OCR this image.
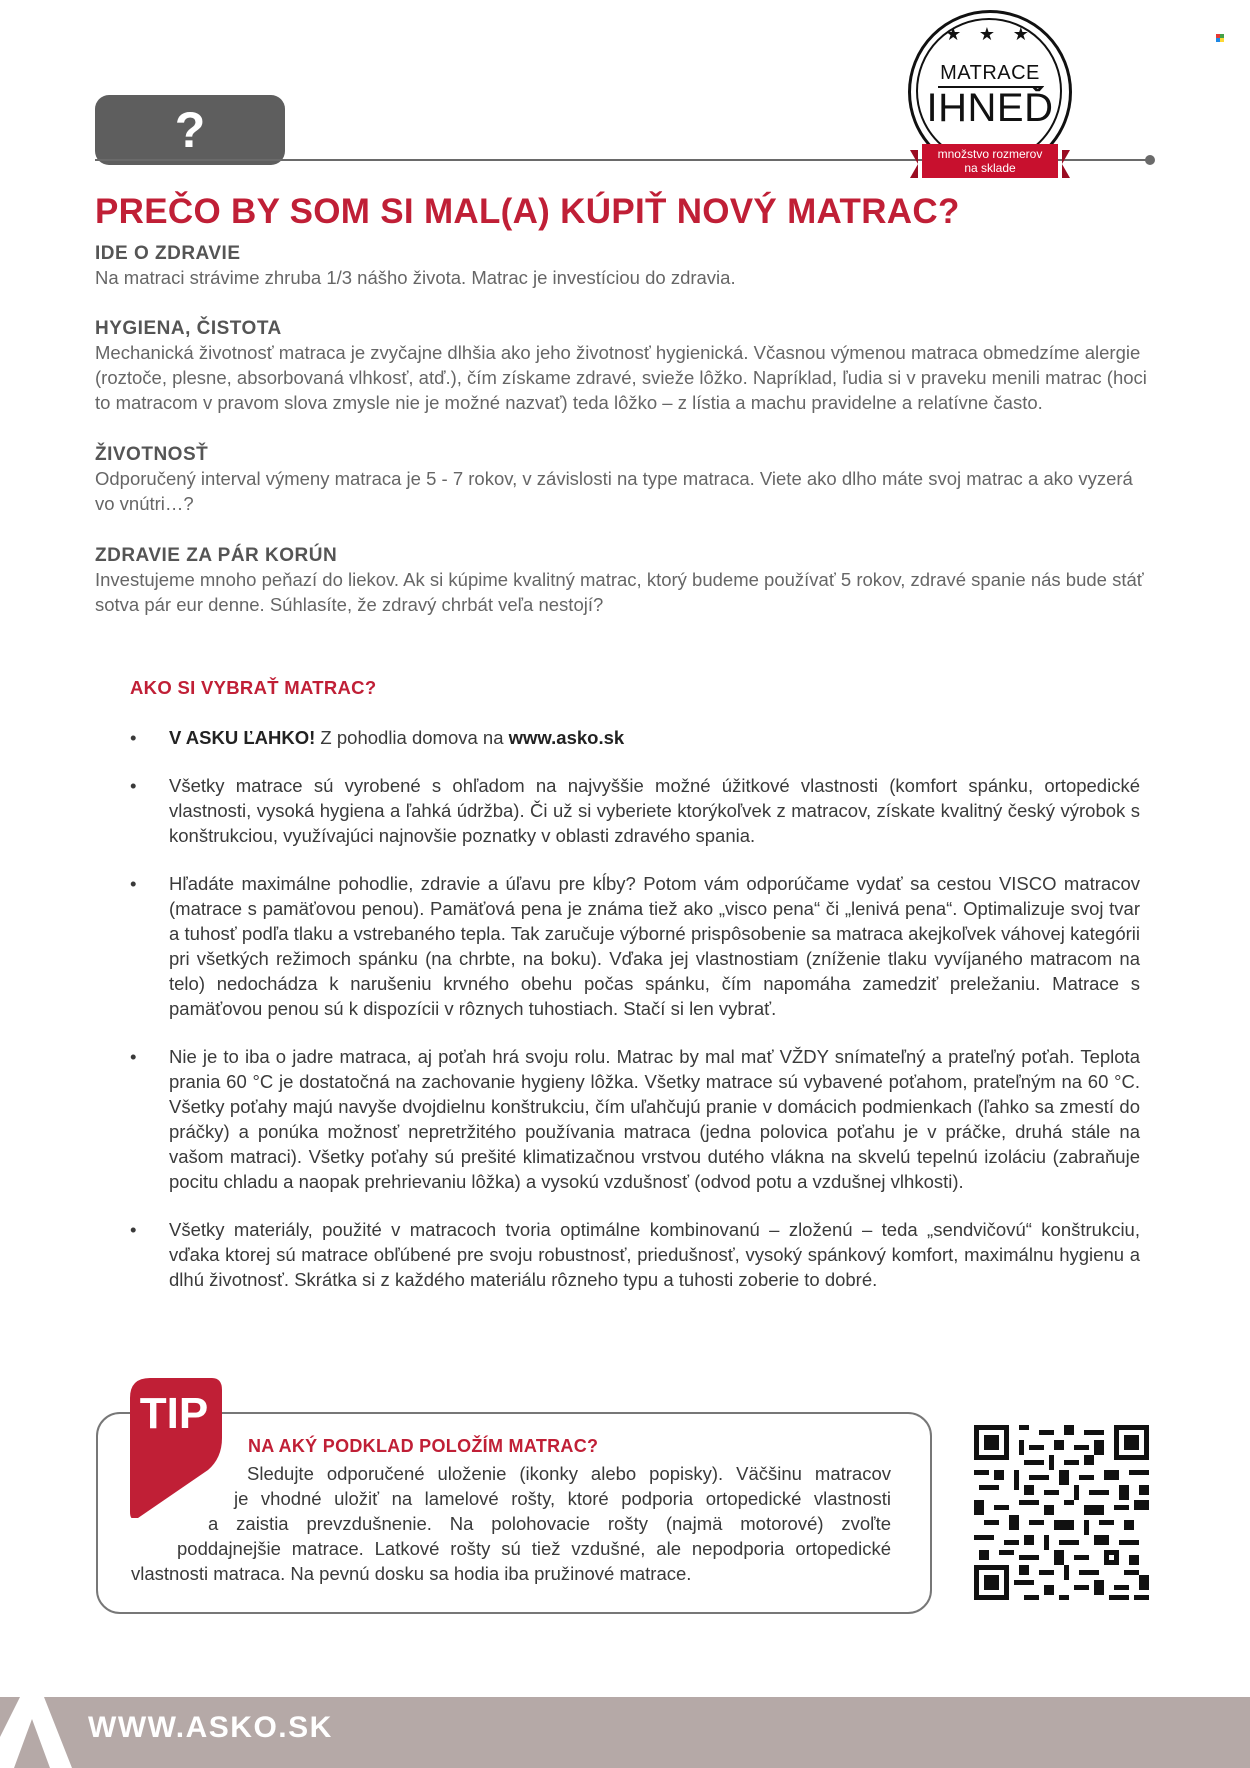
?
★ ★ ★
MATRACE
IHNEĎ
množstvo rozmerov
na sklade
PREČO BY SOM SI MAL(A) KÚPIŤ NOVÝ MATRAC?
IDE O ZDRAVIE

Na matraci strávime zhruba 1/3 nášho života. Matrac je investíciou do zdravia.

HYGIENA, ČISTOTA

Mechanická životnosť matraca je zvyčajne dlhšia ako jeho životnosť hygienická. Včasnou výmenou matraca obmedzíme alergie (roztoče, plesne, absorbovaná vlhkosť, atď.), čím získame zdravé, svieže lôžko. Napríklad, ľudia si v praveku menili matrac (hoci to matracom v pravom slova zmysle nie je možné nazvať) teda lôžko – z lístia a machu pravidelne a relatívne často.

ŽIVOTNOSŤ

Odporučený interval výmeny matraca je 5 - 7 rokov, v závislosti na type matraca. Viete ako dlho máte svoj matrac a ako vyzerá vo vnútri…?

ZDRAVIE ZA PÁR KORÚN

Investujeme mnoho peňazí do liekov. Ak si kúpime kvalitný matrac, ktorý budeme používať 5 rokov, zdravé spanie nás bude stáť sotva pár eur denne. Súhlasíte, že zdravý chrbát veľa nestojí?

AKO SI VYBRAŤ MATRAC?
• V ASKU ĽAHKO! Z pohodlia domova na www.asko.sk
• Všetky matrace sú vyrobené s ohľadom na najvyššie možné úžitkové vlastnosti (komfort spánku, ortopedické vlastnosti, vysoká hygiena a ľahká údržba). Či už si vyberiete ktorýkoľvek z matracov, získate kvalitný český výrobok s konštrukciou, využívajúci najnovšie poznatky v oblasti zdravého spania.
• Hľadáte maximálne pohodlie, zdravie a úľavu pre kĺby? Potom vám odporúčame vydať sa cestou VISCO matracov (matrace s pamäťovou penou). Pamäťová pena je známa tiež ako „visco pena“ či „lenivá pena“. Optimalizuje svoj tvar a tuhosť podľa tlaku a vstrebaného tepla. Tak zaručuje výborné prispôsobenie sa matraca akejkoľvek váhovej kategórii pri všetkých režimoch spánku (na chrbte, na boku). Vďaka jej vlastnostiam (zníženie tlaku vyvíjaného matracom na telo) nedochádza k narušeniu krvného obehu počas spánku, čím napomáha zamedziť preležaniu. Matrace s pamäťovou penou sú k dispozícii v rôznych tuhostiach. Stačí si len vybrať.
• Nie je to iba o jadre matraca, aj poťah hrá svoju rolu. Matrac by mal mať VŽDY snímateľný a prateľný poťah. Teplota prania 60 °C je dostatočná na zachovanie hygieny lôžka. Všetky matrace sú vybavené poťahom, prateľným na 60 °C. Všetky poťahy majú navyše dvojdielnu konštrukciu, čím uľahčujú pranie v domácich podmienkach (ľahko sa zmestí do práčky) a ponúka možnosť nepretržitého používania matraca (jedna polovica poťahu je v práčke, druhá stále na vašom matraci). Všetky poťahy sú prešité klimatizačnou vrstvou dutého vlákna na skvelú tepelnú izoláciu (zabraňuje pocitu chladu a naopak prehrievaniu lôžka) a vysokú vzdušnosť (odvod potu a vzdušnej vlhkosti).
• Všetky materiály, použité v matracoch tvoria optimálne kombinovanú – zloženú – teda „sendvičovú“ konštrukciu, vďaka ktorej sú matrace obľúbené pre svoju robustnosť, priedušnosť, vysoký spánkový komfort, maximálnu hygienu a dlhú životnosť. Skrátka si z každého materiálu rôzneho typu a tuhosti zoberie to dobré.
TIP
NA AKÝ PODKLAD POLOŽÍM MATRAC?
Sledujte odporučené uloženie (ikonky alebo popisky). Väčšinu matracov
je vhodné uložiť na lamelové rošty, ktoré podporia ortopedické vlastnosti
a zaistia prevzdušnenie. Na polohovacie rošty (najmä motorové) zvoľte
poddajnejšie matrace. Latkové rošty sú tiež vzdušné, ale nepodporia ortopedické
vlastnosti matraca. Na pevnú dosku sa hodia iba pružinové matrace.
WWW.ASKO.SK
